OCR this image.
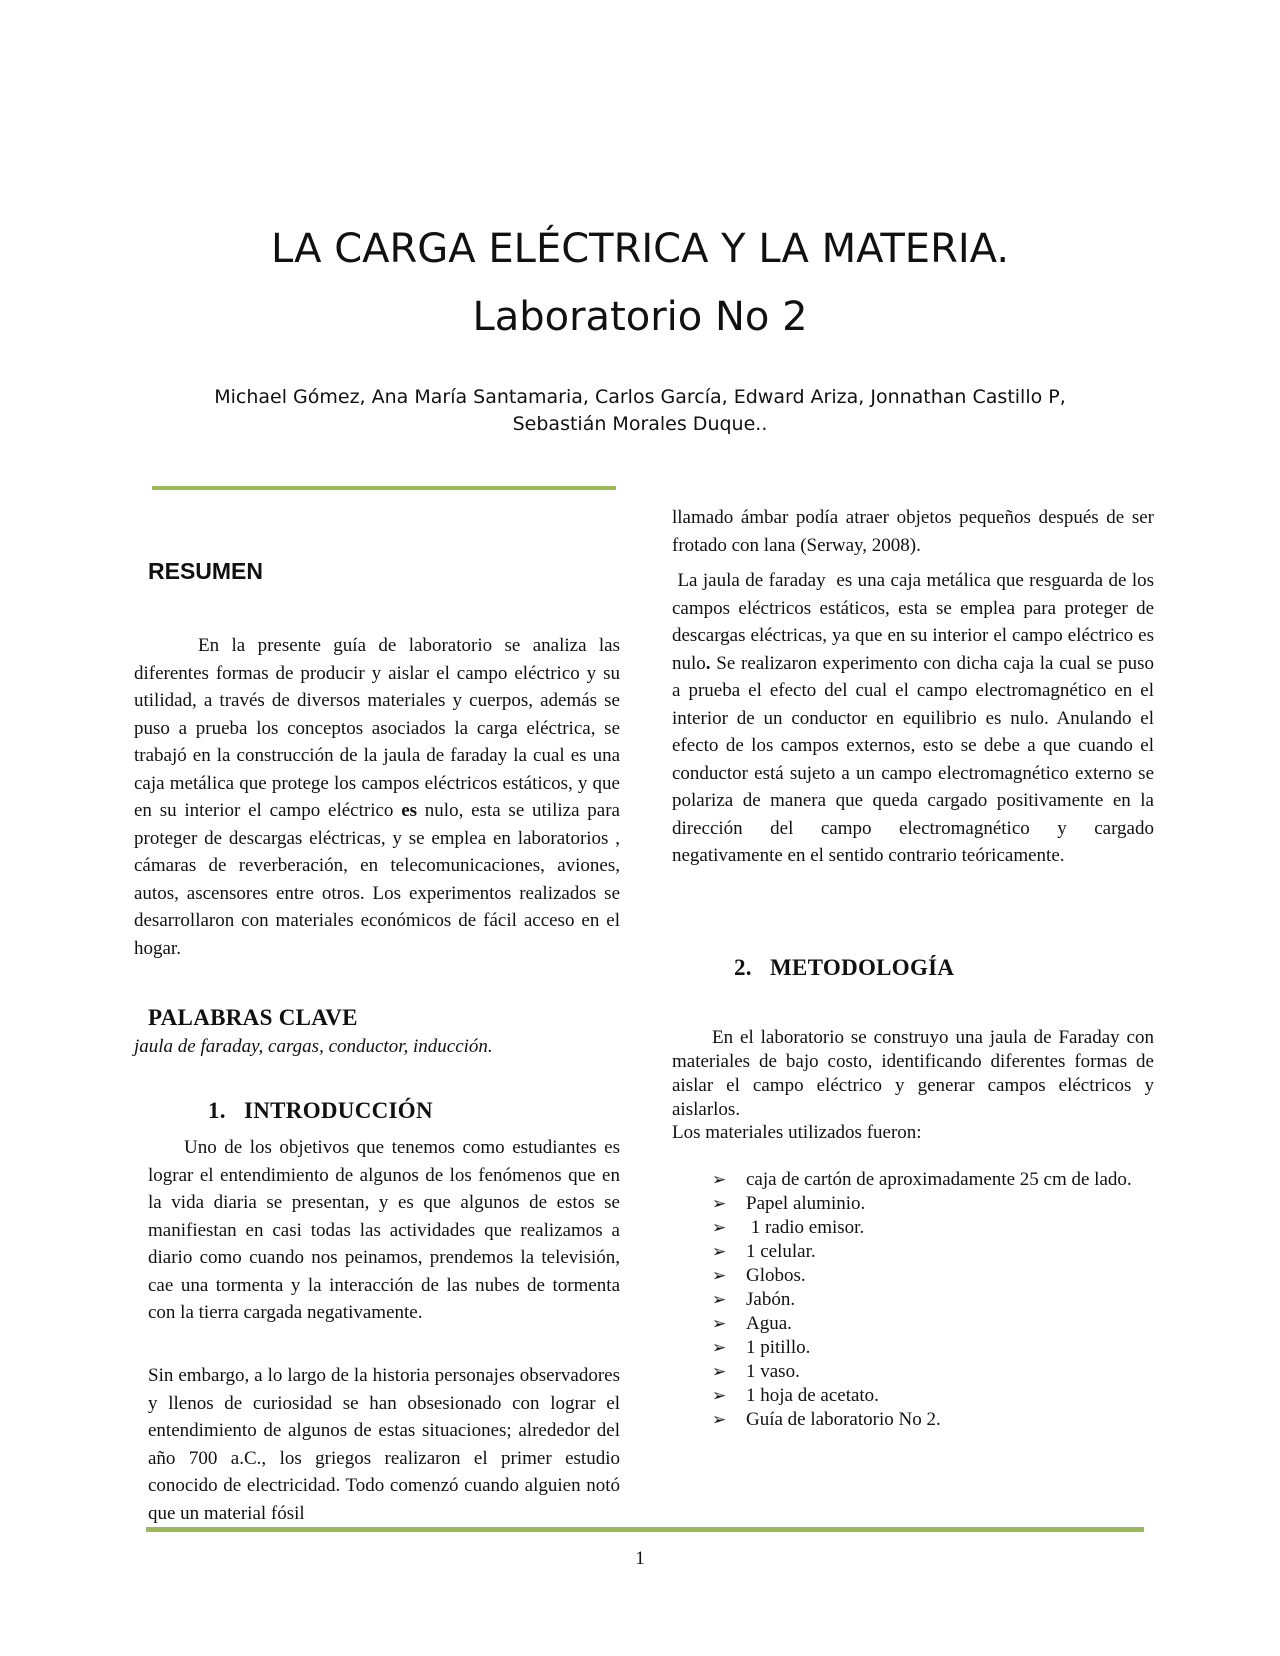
LA CARGA ELÉCTRICA Y LA MATERIA.
Laboratorio No 2
Michael Gómez, Ana María Santamaria, Carlos García, Edward Ariza, Jonnathan Castillo P,
Sebastián Morales Duque..
RESUMEN

En la presente guía de laboratorio se analiza las diferentes formas de producir y aislar el campo eléctrico y su utilidad, a través de diversos materiales y cuerpos, además se puso a prueba los conceptos asociados la carga eléctrica, se trabajó en la construcción de la jaula de faraday la cual es una caja metálica que protege los campos eléctricos estáticos, y que en su interior el campo eléctrico es nulo, esta se utiliza para proteger de descargas eléctricas, y se emplea en laboratorios , cámaras de reverberación, en telecomunicaciones, aviones, autos, ascensores entre otros. Los experimentos realizados se desarrollaron con materiales económicos de fácil acceso en el hogar.

PALABRAS CLAVE
jaula de faraday, cargas, conductor, inducción.
1.   INTRODUCCIÓN

Uno de los objetivos que tenemos como estudiantes es lograr el entendimiento de algunos de los fenómenos que en la vida diaria se presentan, y es que algunos de estos se manifiestan en casi todas las actividades que realizamos a diario como cuando nos peinamos, prendemos la televisión, cae una tormenta y la interacción de las nubes de tormenta con la tierra cargada negativamente.

Sin embargo, a lo largo de la historia personajes observadores y llenos de curiosidad se han obsesionado con lograr el entendimiento de algunos de estas situaciones; alrededor del año 700 a.C., los griegos realizaron el primer estudio conocido de electricidad. Todo comenzó cuando alguien notó que un material fósil

llamado ámbar podía atraer objetos pequeños después de ser frotado con lana (Serway, 2008).

La jaula de faraday  es una caja metálica que resguarda de los campos eléctricos estáticos, esta se emplea para proteger de descargas eléctricas, ya que en su interior el campo eléctrico es nulo. Se realizaron experimento con dicha caja la cual se puso a prueba el efecto del cual el campo electromagnético en el interior de un conductor en equilibrio es nulo. Anulando el efecto de los campos externos, esto se debe a que cuando el conductor está sujeto a un campo electromagnético externo se polariza de manera que queda cargado positivamente en la dirección del campo electromagnético y cargado negativamente en el sentido contrario teóricamente.

2.   METODOLOGÍA

En el laboratorio se construyo una jaula de Faraday con materiales de bajo costo, identificando diferentes formas de aislar el campo eléctrico y generar campos eléctricos y aislarlos.

Los materiales utilizados fueron:

➢ caja de cartón de aproximadamente 25 cm de lado.
➢ Papel aluminio.
➢ 1 radio emisor.
➢ 1 celular.
➢ Globos.
➢ Jabón.
➢ Agua.
➢ 1 pitillo.
➢ 1 vaso.
➢ 1 hoja de acetato.
➢ Guía de laboratorio No 2.
1
